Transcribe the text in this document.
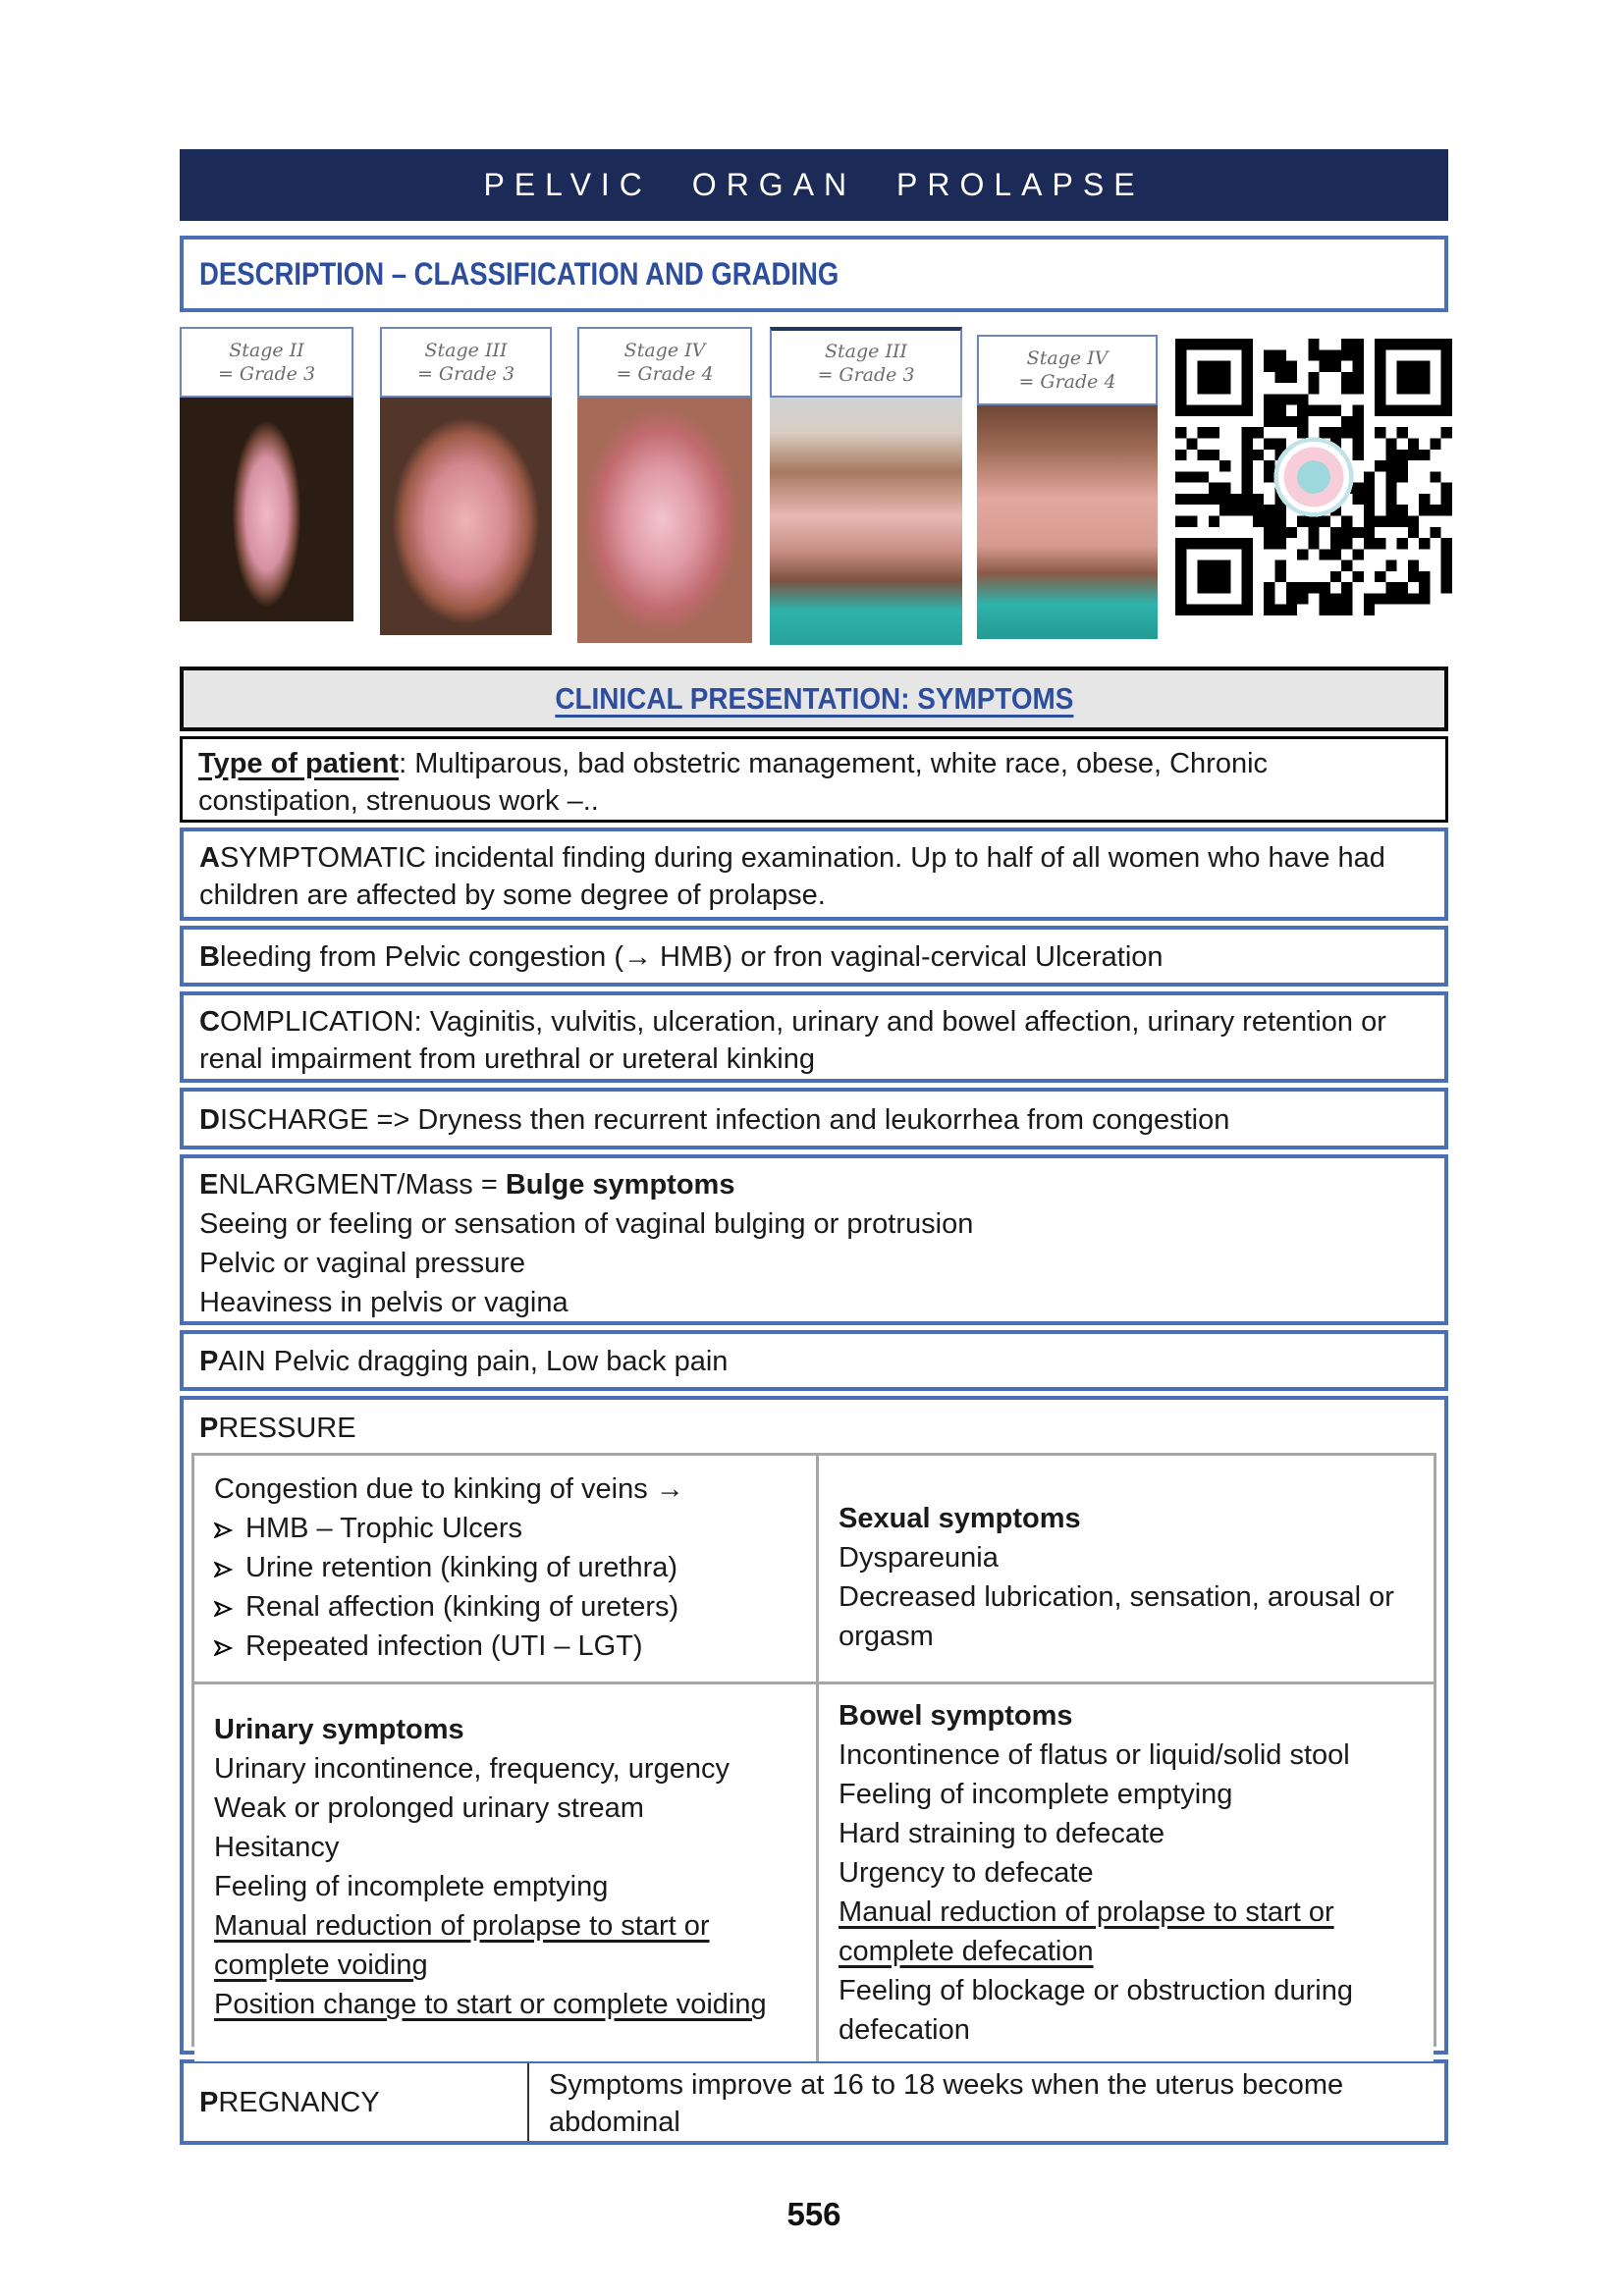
PELVIC ORGAN PROLAPSE
DESCRIPTION – CLASSIFICATION AND GRADING
Stage II
= Grade 3
Stage III
= Grade 3
Stage IV
= Grade 4
Stage III
= Grade 3
Stage IV
= Grade 4
CLINICAL PRESENTATION: SYMPTOMS
Type of patient: Multiparous, bad obstetric management, white race, obese, Chronic constipation, strenuous work –..
ASYMPTOMATIC incidental finding during examination. Up to half of all women who have had children are affected by some degree of prolapse.
Bleeding from Pelvic congestion (→ HMB) or fron vaginal-cervical Ulceration
COMPLICATION: Vaginitis, vulvitis, ulceration, urinary and bowel affection, urinary retention or renal impairment from urethral or ureteral kinking
DISCHARGE => Dryness then recurrent infection and leukorrhea from congestion
ENLARGMENT/Mass = Bulge symptoms
Seeing or feeling or sensation of vaginal bulging or protrusion
Pelvic or vaginal pressure
Heaviness in pelvis or vagina
PAIN Pelvic dragging pain, Low back pain
PRESSURE
Congestion due to kinking of veins →
HMB – Trophic Ulcers
Urine retention (kinking of urethra)
Renal affection (kinking of ureters)
Repeated infection (UTI – LGT)
Sexual symptoms
Dyspareunia
Decreased lubrication, sensation, arousal or orgasm
Urinary symptoms
Urinary incontinence, frequency, urgency
Weak or prolonged urinary stream
Hesitancy
Feeling of incomplete emptying
Manual reduction of prolapse to start or complete voiding
Position change to start or complete voiding
Bowel symptoms
Incontinence of flatus or liquid/solid stool
Feeling of incomplete emptying
Hard straining to defecate
Urgency to defecate
Manual reduction of prolapse to start or complete defecation
Feeling of blockage or obstruction during defecation
PREGNANCY
Symptoms improve at 16 to 18 weeks when the uterus become abdominal
556
